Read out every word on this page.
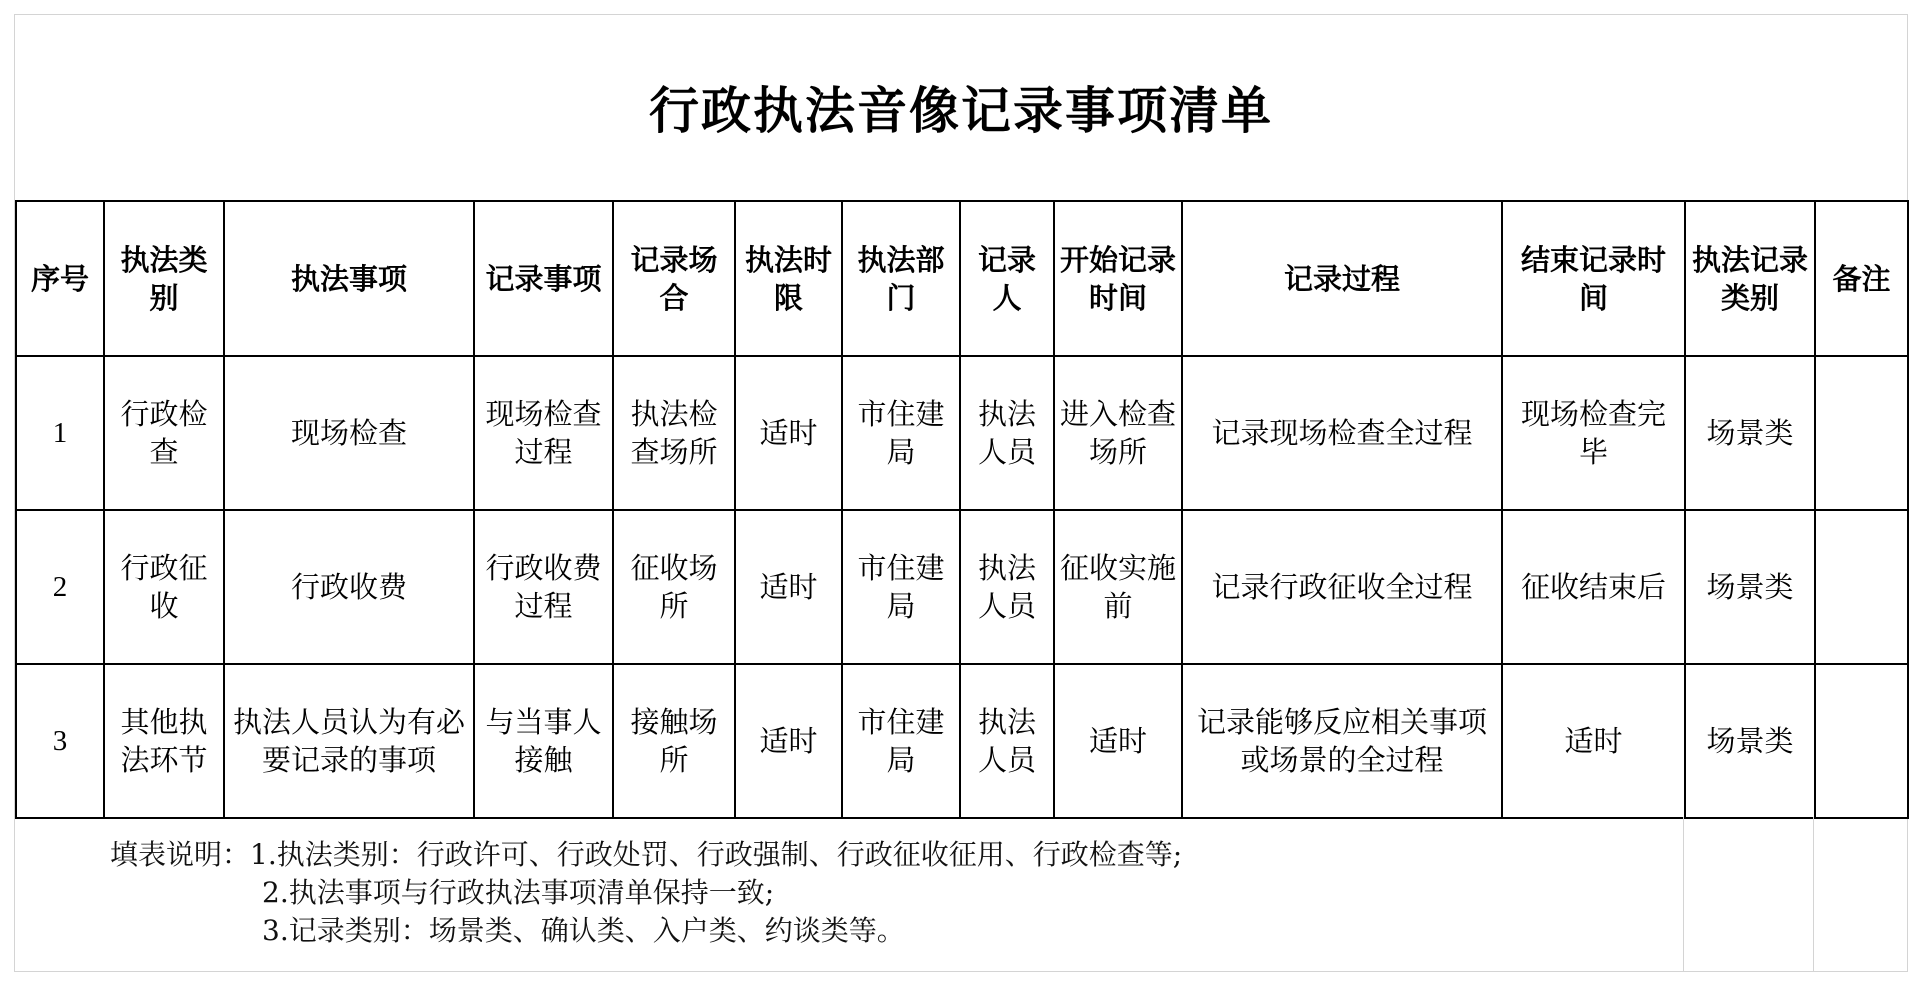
行政执法音像记录事项清单
序号	执法类别	执法事项	记录事项	记录场合	执法时限	执法部门	记录人	开始记录时间	记录过程	结束记录时间	执法记录类别	备注
1	行政检查	现场检查	现场检查过程	执法检查场所	适时	市住建局	执法人员	进入检查场所	记录现场检查全过程	现场检查完毕	场景类	
2	行政征收	行政收费	行政收费过程	征收场所	适时	市住建局	执法人员	征收实施前	记录行政征收全过程	征收结束后	场景类	
3	其他执法环节	执法人员认为有必要记录的事项	与当事人接触	接触场所	适时	市住建局	执法人员	适时	记录能够反应相关事项或场景的全过程	适时	场景类	
填表说明：1.执法类别：行政许可、行政处罚、行政强制、行政征收征用、行政检查等;
2.执法事项与行政执法事项清单保持一致;
3.记录类别：场景类、确认类、入户类、约谈类等。
